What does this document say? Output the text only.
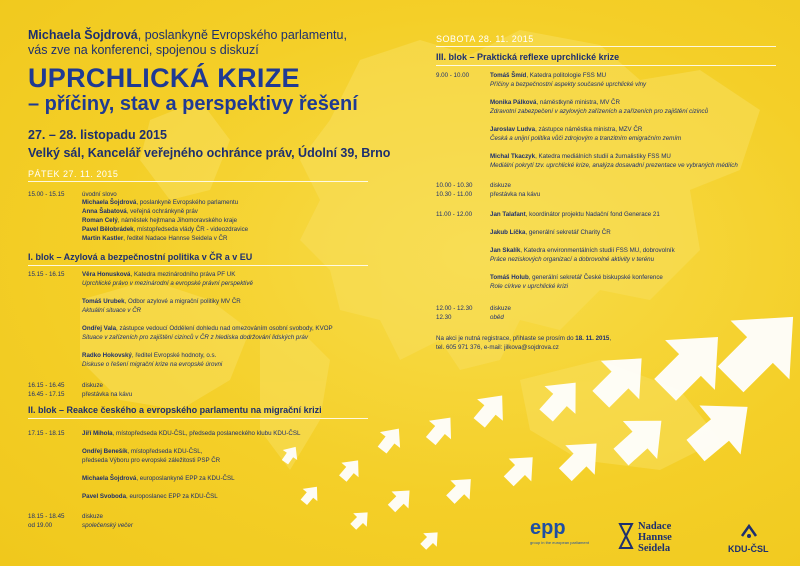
Michaela Šojdrová, poslankyně Evropského parlamentu,
vás zve na konferenci, spojenou s diskuzí
UPRCHLICKÁ KRIZE
– příčiny, stav a perspektivy řešení
27. – 28. listopadu 2015
Velký sál, Kancelář veřejného ochránce práv, Údolní 39, Brno
PÁTEK 27. 11. 2015
15.00 - 15.15	úvodní slovo
Michaela Šojdrová, poslankyně Evropského parlamentu
Anna Šabatová, veřejná ochránkyně práv
Roman Celý, náměstek hejtmana Jihomoravského kraje
Pavel Bělobrádek, místopředseda vlády ČR - videozdravice
Martin Kastler, ředitel Nadace Hannse Seidela v ČR
I. blok – Azylová a bezpečnostní politika v ČR a v EU
15.15 - 16.15	Věra Honusková, Katedra mezinárodního práva PF UK
Uprchlické právo v mezinárodní a evropské právní perspektivě
Tomáš Urubek, Odbor azylové a migrační politiky MV ČR
Aktuální situace v ČR
Ondřej Vala, zástupce vedoucí Oddělení dohledu nad omezováním osobní svobody, KVOP
Situace v zařízeních pro zajištění cizinců v ČR z hlediska dodržování lidských práv
Radko Hokovský, ředitel Evropské hodnoty, o.s.
Diskuse o řešení migrační krize na evropské úrovni
16.15 - 16.45	diskuze
16.45 - 17.15	přestávka na kávu
II. blok – Reakce českého a evropského parlamentu na migrační krizi
17.15 - 18.15	Jiří Mihola, místopředseda KDU-ČSL, předseda poslaneckého klubu KDU-ČSL
Ondřej Benešík, místopředseda KDU-ČSL,
předseda Výboru pro evropské záležitosti PSP ČR
Michaela Šojdrová, europoslankyně EPP za KDU-ČSL
Pavel Svoboda, europoslanec EPP za KDU-ČSL
18.15 - 18.45	diskuze
od 19.00	společenský večer
SOBOTA 28. 11. 2015
III. blok – Praktická reflexe uprchlické krize
9.00 - 10.00	Tomáš Šmíd, Katedra politologie FSS MU
Příčiny a bezpečnostní aspekty současné uprchlické vlny
Monika Pálková, náměstkyně ministra, MV ČR
Zdravotní zabezpečení v azylových zařízeních a zařízeních pro zajištění cizinců
Jaroslav Ludva, zástupce náměstka ministra, MZV ČR
Česká a unijní politika vůči zdrojovým a tranzitním emigračním zemím
Michal Tkaczyk, Katedra mediálních studií a žurnalistiky FSS MU
Mediální pokrytí tzv. uprchlické krize, analýza dosavadní prezentace ve vybraných médiích
10.00 - 10.30	diskuze
10.30 - 11.00	přestávka na kávu
11.00 - 12.00	Jan Talafant, koordinátor projektu Nadační fond Generace 21
Jakub Líčka, generální sekretář Charity ČR
Jan Skalík, Katedra environmentálních studií FSS MU, dobrovolník
Práce neziskových organizací a dobrovolné aktivity v terénu
Tomáš Holub, generální sekretář České biskupské konference
Role církve v uprchlické krizi
12.00 - 12.30	diskuze
12.30	oběd
Na akci je nutná registrace, přihlaste se prosím do 18. 11. 2015,
tel. 605 971 376, e-mail: jilkova@sojdrova.cz
epp
group in the european parliament
Nadace
Hannse
Seidela	KDU-ČSL
